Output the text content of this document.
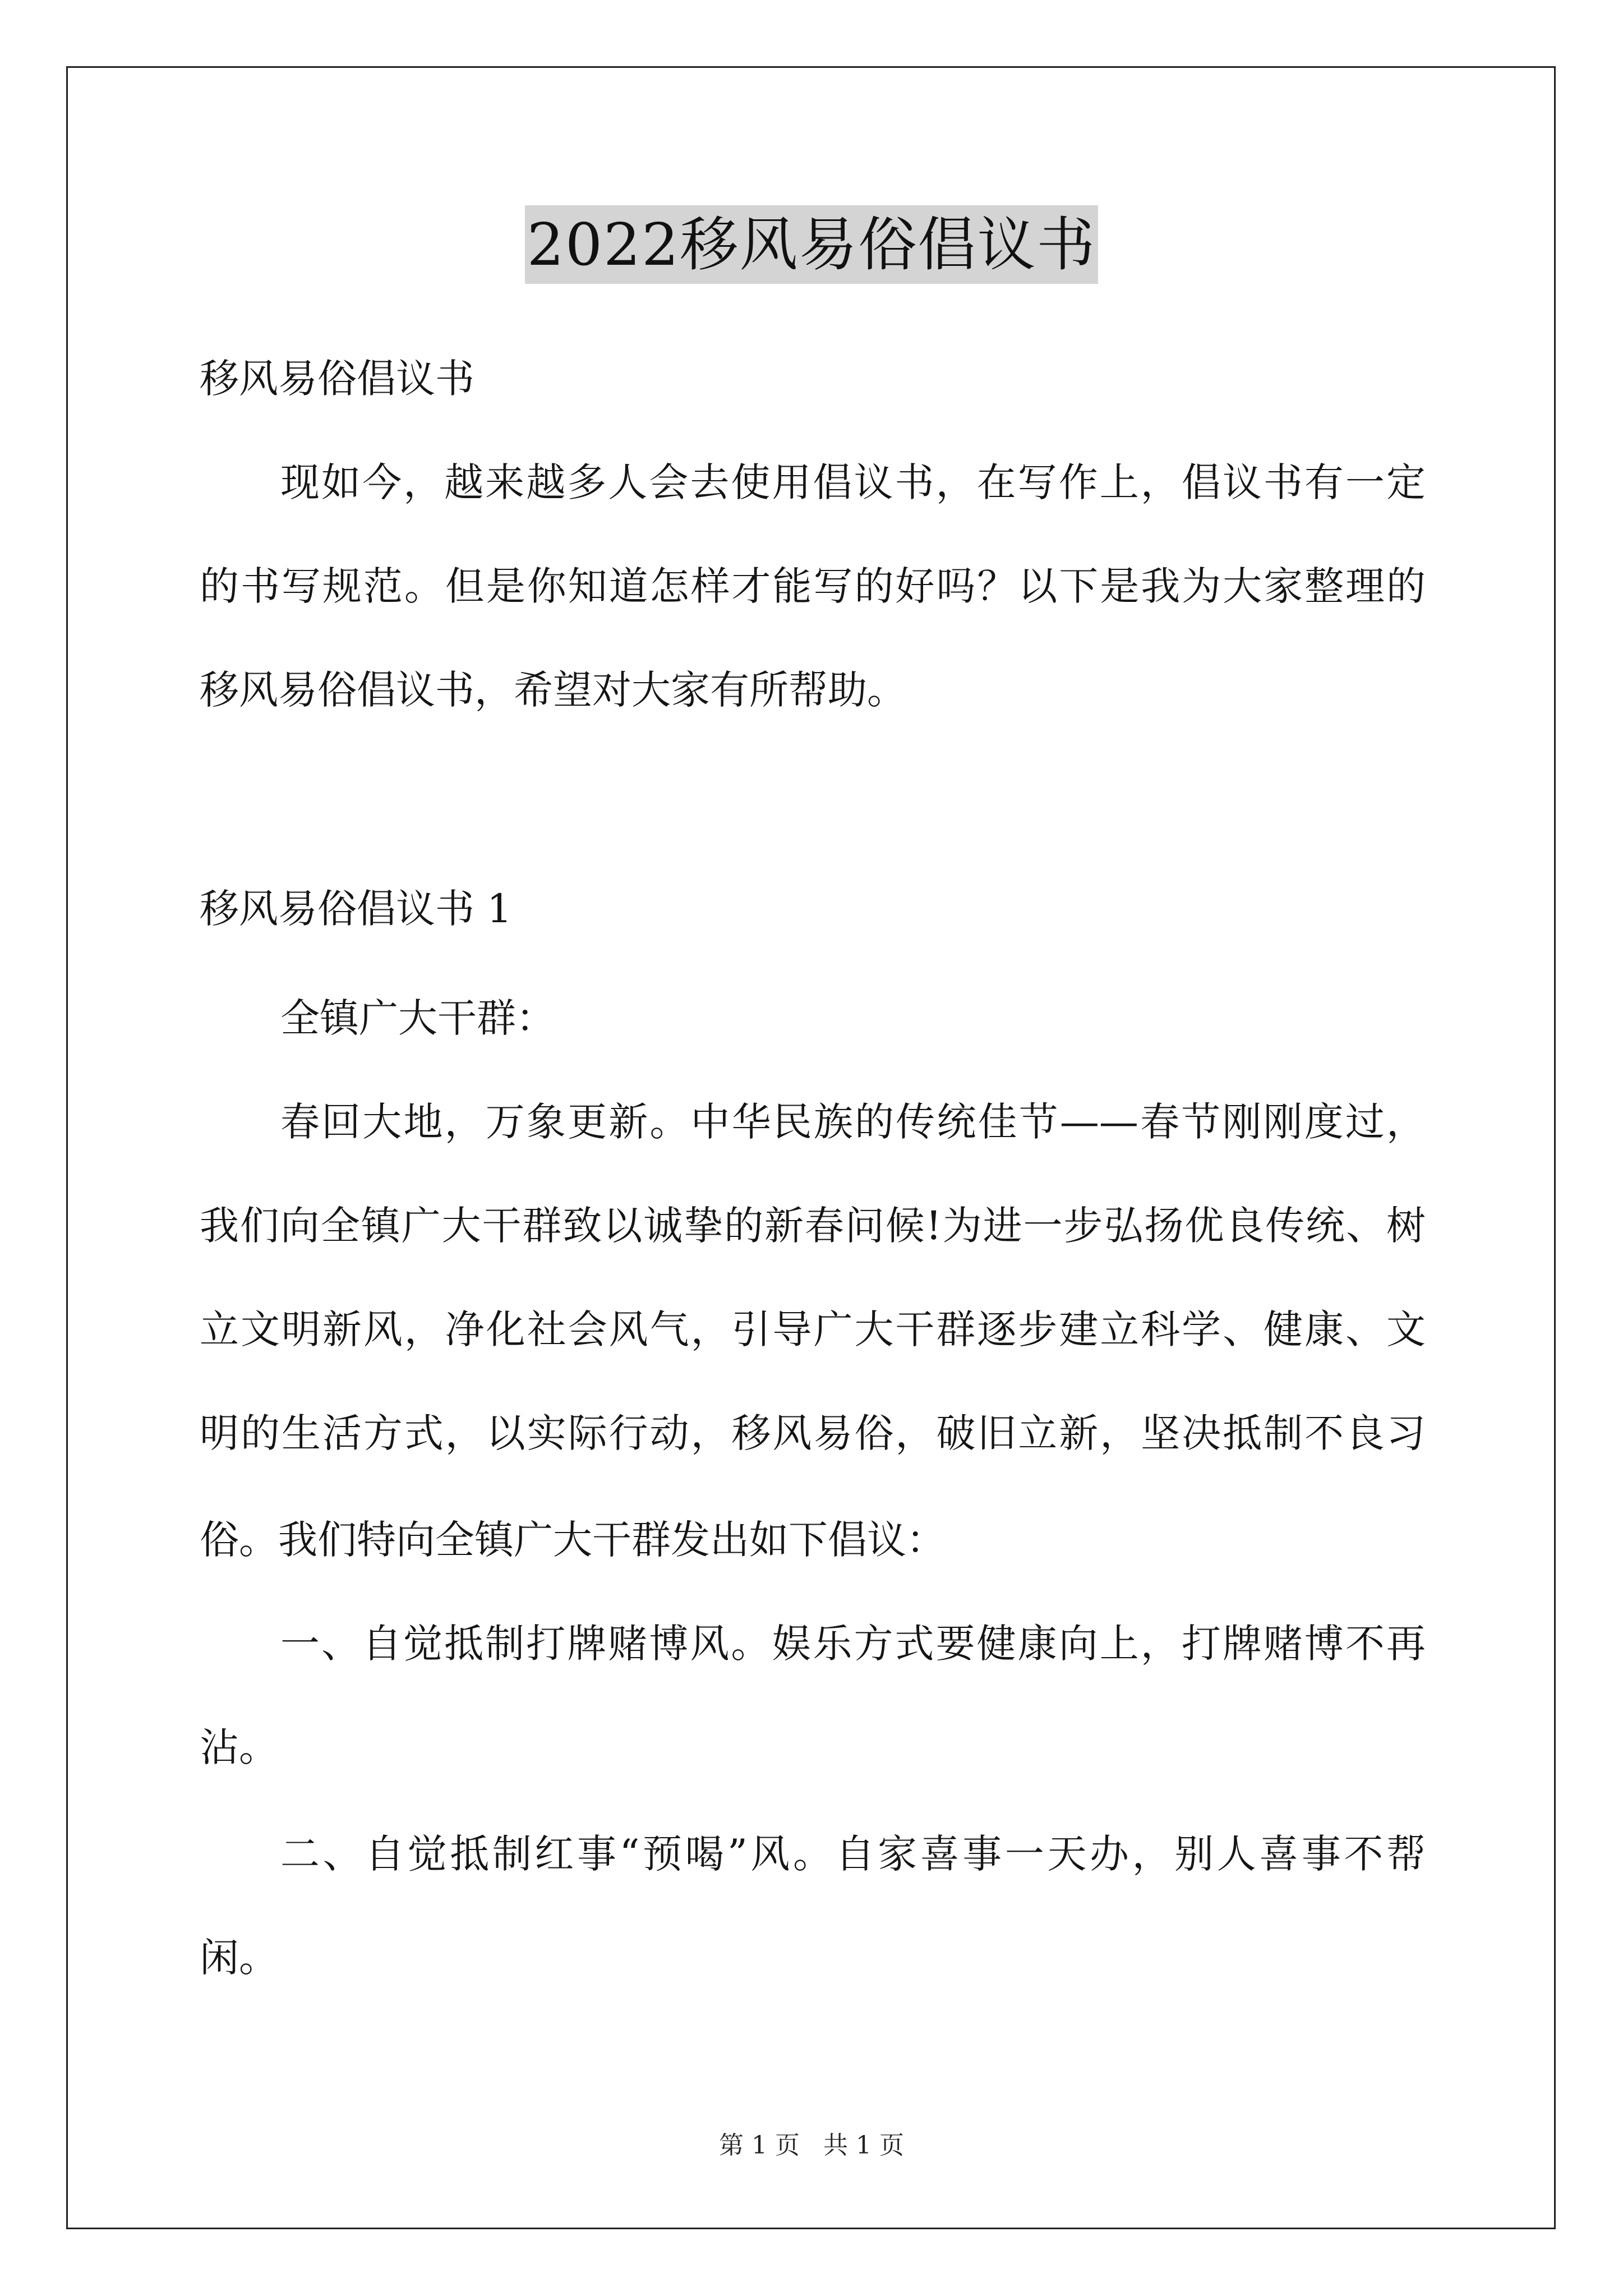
2022移风易俗倡议书
移风易俗倡议书
现如今，越来越多人会去使用倡议书，在写作上，倡议书有一定
的书写规范。但是你知道怎样才能写的好吗？以下是我为大家整理的
移风易俗倡议书，希望对大家有所帮助。
移风易俗倡议书 1
全镇广大干群：
春回大地，万象更新。中华民族的传统佳节——春节刚刚度过，
我们向全镇广大干群致以诚挚的新春问候!为进一步弘扬优良传统、树
立文明新风，净化社会风气，引导广大干群逐步建立科学、健康、文
明的生活方式，以实际行动，移风易俗，破旧立新，坚决抵制不良习
俗。我们特向全镇广大干群发出如下倡议：
一、自觉抵制打牌赌博风。娱乐方式要健康向上，打牌赌博不再
沾。
二、自觉抵制红事“预喝”风。自家喜事一天办，别人喜事不帮
闲。
第 1 页   共 1 页
